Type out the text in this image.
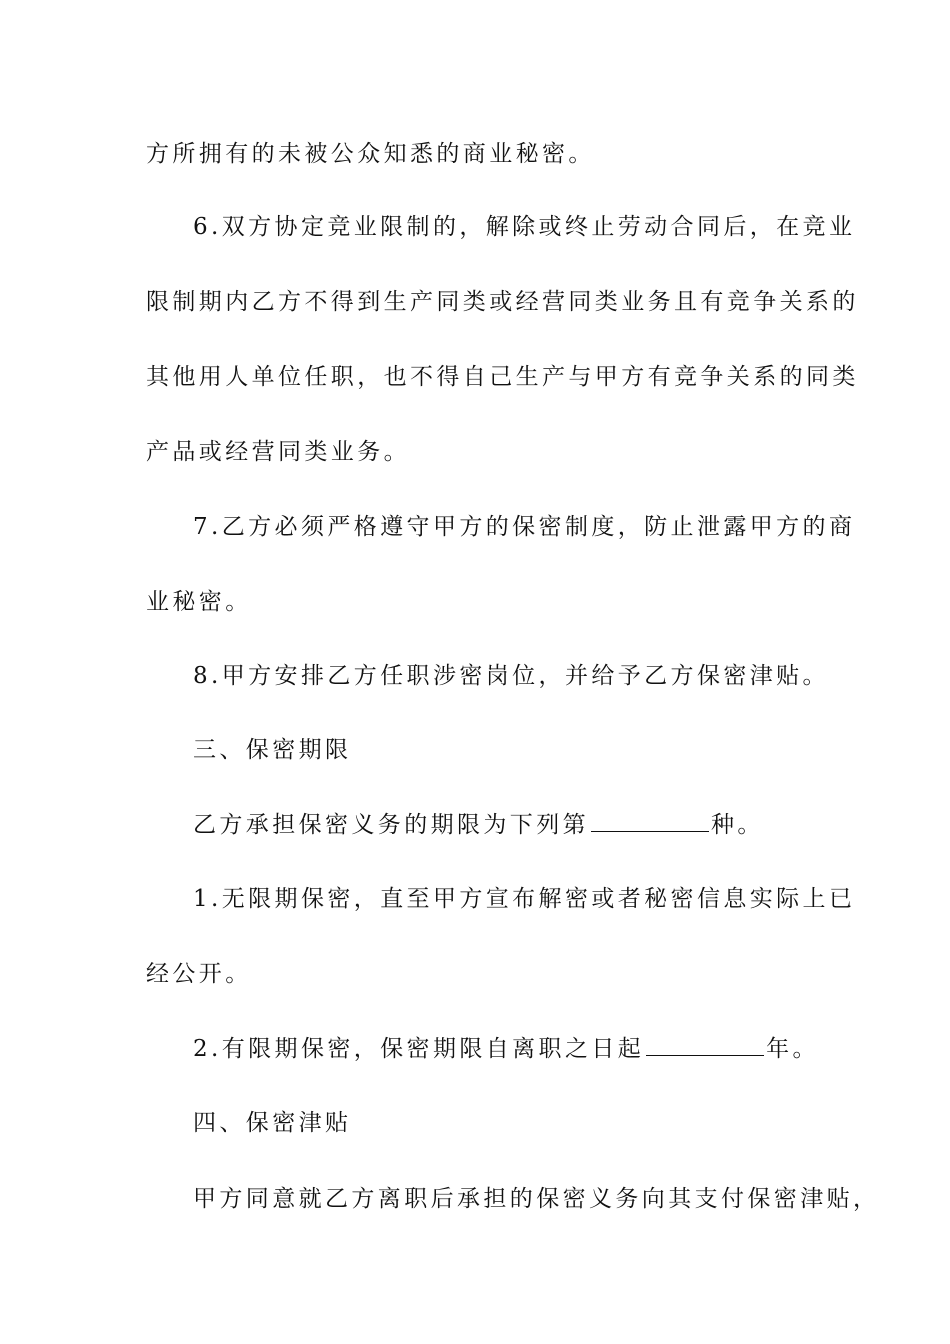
方所拥有的未被公众知悉的商业秘密。
6.双方协定竞业限制的，解除或终止劳动合同后，在竞业
限制期内乙方不得到生产同类或经营同类业务且有竞争关系的
其他用人单位任职，也不得自己生产与甲方有竞争关系的同类
产品或经营同类业务。
7.乙方必须严格遵守甲方的保密制度，防止泄露甲方的商
业秘密。
8.甲方安排乙方任职涉密岗位，并给予乙方保密津贴。
三、保密期限
乙方承担保密义务的期限为下列第	种。
1.无限期保密，直至甲方宣布解密或者秘密信息实际上已
经公开。
2.有限期保密，保密期限自离职之日起	年。
四、保密津贴
甲方同意就乙方离职后承担的保密义务向其支付保密津贴，
